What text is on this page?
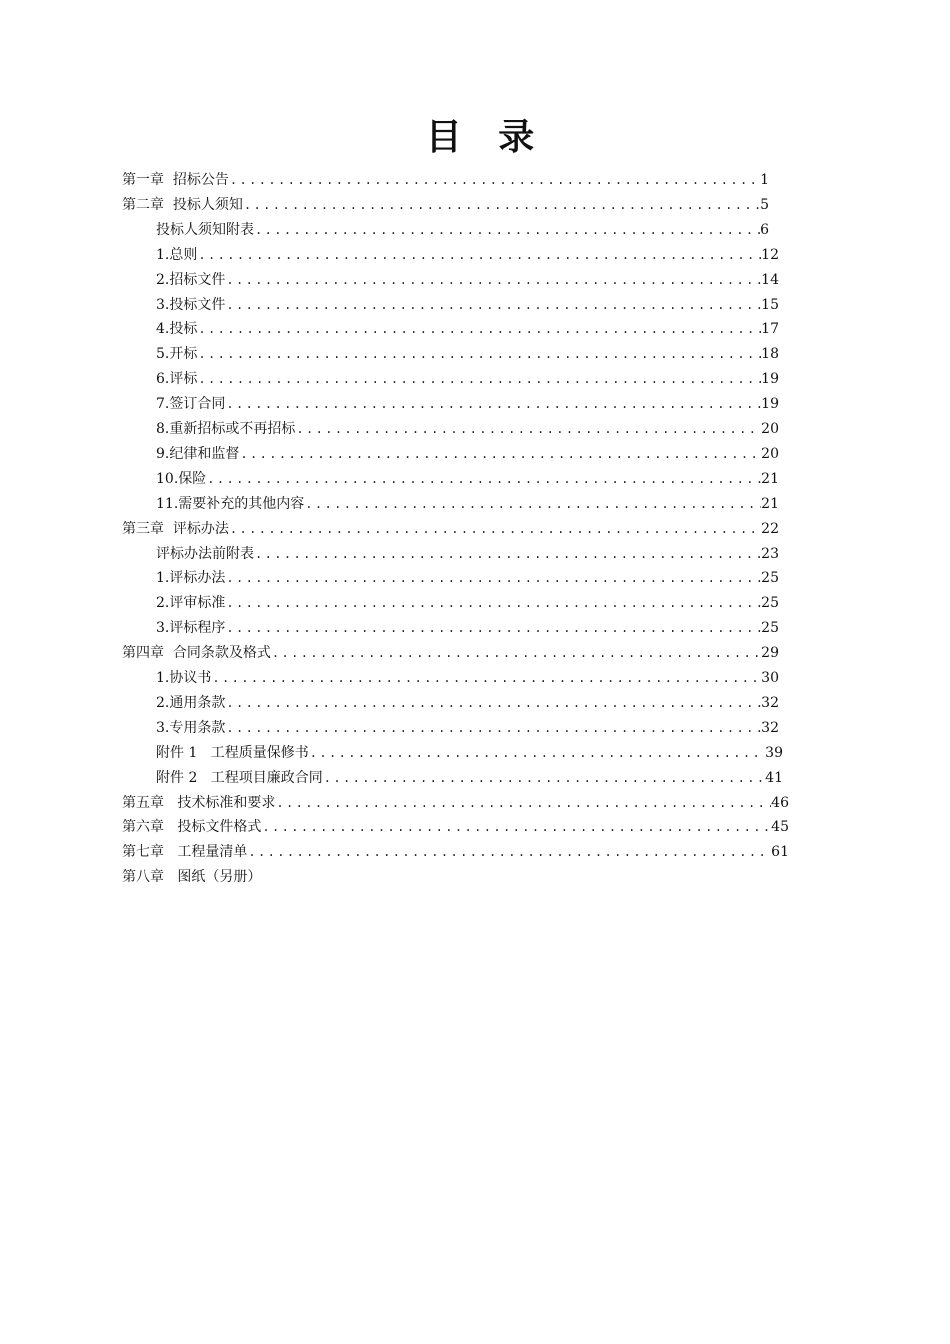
目 录
第一章  招标公告 .....	1
第二章  投标人须知 .....	5
投标人须知附表 .....	6
1.总则 .....	12
2.招标文件 .....	14
3.投标文件 .....	15
4.投标 .....	17
5.开标 .....	18
6.评标 .....	19
7.签订合同 .....	19
8.重新招标或不再招标 .....	20
9.纪律和监督 .....	20
10.保险 .....	21
11.需要补充的其他内容 .....	21
第三章  评标办法 .....	22
评标办法前附表 .....	23
1.评标办法 .....	25
2.评审标准 .....	25
3.评标程序 .....	25
第四章  合同条款及格式 .....	29
1.协议书 .....	30
2.通用条款 .....	32
3.专用条款 .....	32
附件 1   工程质量保修书 .....	39
附件 2   工程项目廉政合同 .....	41
第五章   技术标准和要求 .....	46
第六章   投标文件格式 .....	45
第七章   工程量清单 .....	61
第八章   图纸（另册）
